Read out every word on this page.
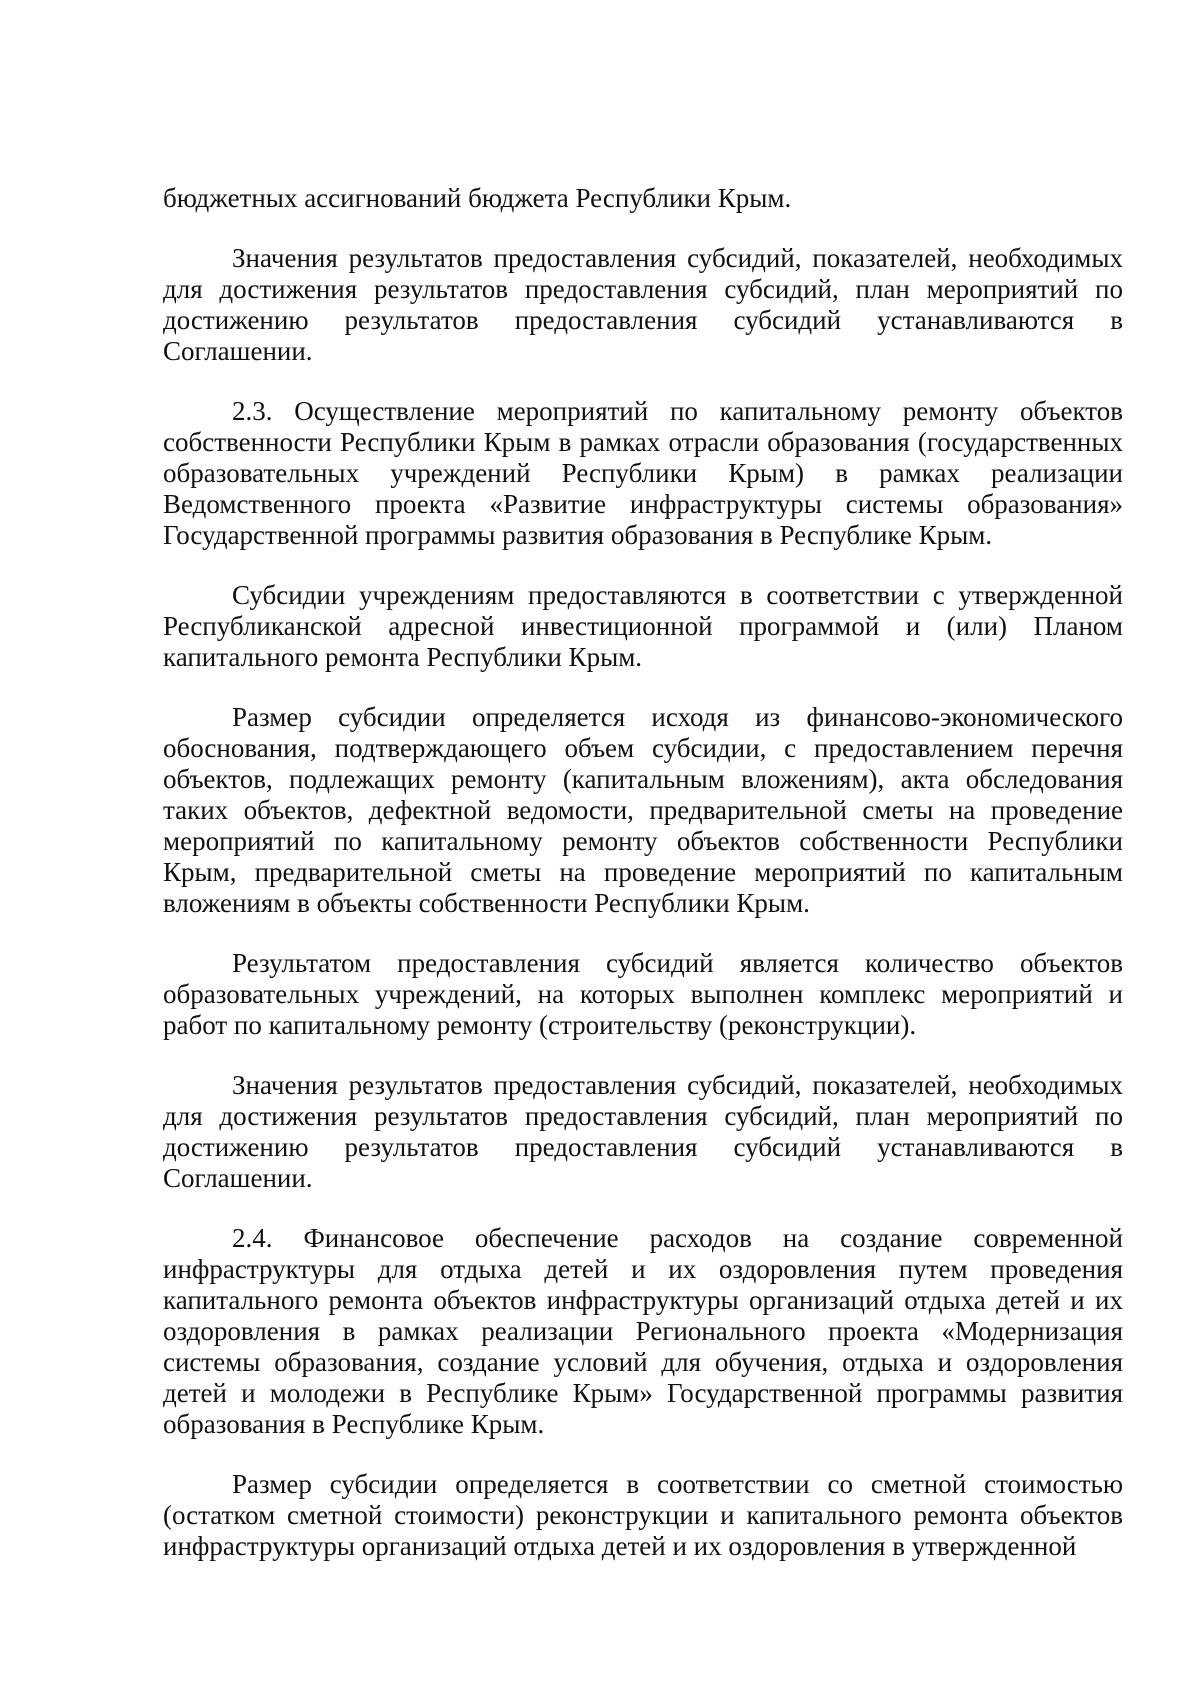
бюджетных ассигнований бюджета Республики Крым.

Значения результатов предоставления субсидий, показателей, необходимых для достижения результатов предоставления субсидий, план мероприятий по достижению результатов предоставления субсидий устанавливаются в Соглашении.

2.3. Осуществление мероприятий по капитальному ремонту объектов собственности Республики Крым в рамках отрасли образования (государственных образовательных учреждений Республики Крым) в рамках реализации Ведомственного проекта «Развитие инфраструктуры системы образования» Государственной программы развития образования в Республике Крым.

Субсидии учреждениям предоставляются в соответствии с утвержденной Республиканской адресной инвестиционной программой и (или) Планом капитального ремонта Республики Крым.

Размер субсидии определяется исходя из финансово-экономического обоснования, подтверждающего объем субсидии, с предоставлением перечня объектов, подлежащих ремонту (капитальным вложениям), акта обследования таких объектов, дефектной ведомости, предварительной сметы на проведение мероприятий по капитальному ремонту объектов собственности Республики Крым, предварительной сметы на проведение мероприятий по капитальным вложениям в объекты собственности Республики Крым.

Результатом предоставления субсидий является количество объектов образовательных учреждений, на которых выполнен комплекс мероприятий и работ по капитальному ремонту (строительству (реконструкции).

Значения результатов предоставления субсидий, показателей, необходимых для достижения результатов предоставления субсидий, план мероприятий по достижению результатов предоставления субсидий устанавливаются в Соглашении.

2.4. Финансовое обеспечение расходов на создание современной инфраструктуры для отдыха детей и их оздоровления путем проведения капитального ремонта объектов инфраструктуры организаций отдыха детей и их оздоровления в рамках реализации Регионального проекта «Модернизация системы образования, создание условий для обучения, отдыха и оздоровления детей и молодежи в Республике Крым» Государственной программы развития образования в Республике Крым.

Размер субсидии определяется в соответствии со сметной стоимостью (остатком сметной стоимости) реконструкции и капитального ремонта объектов инфраструктуры организаций отдыха детей и их оздоровления в утвержденной
